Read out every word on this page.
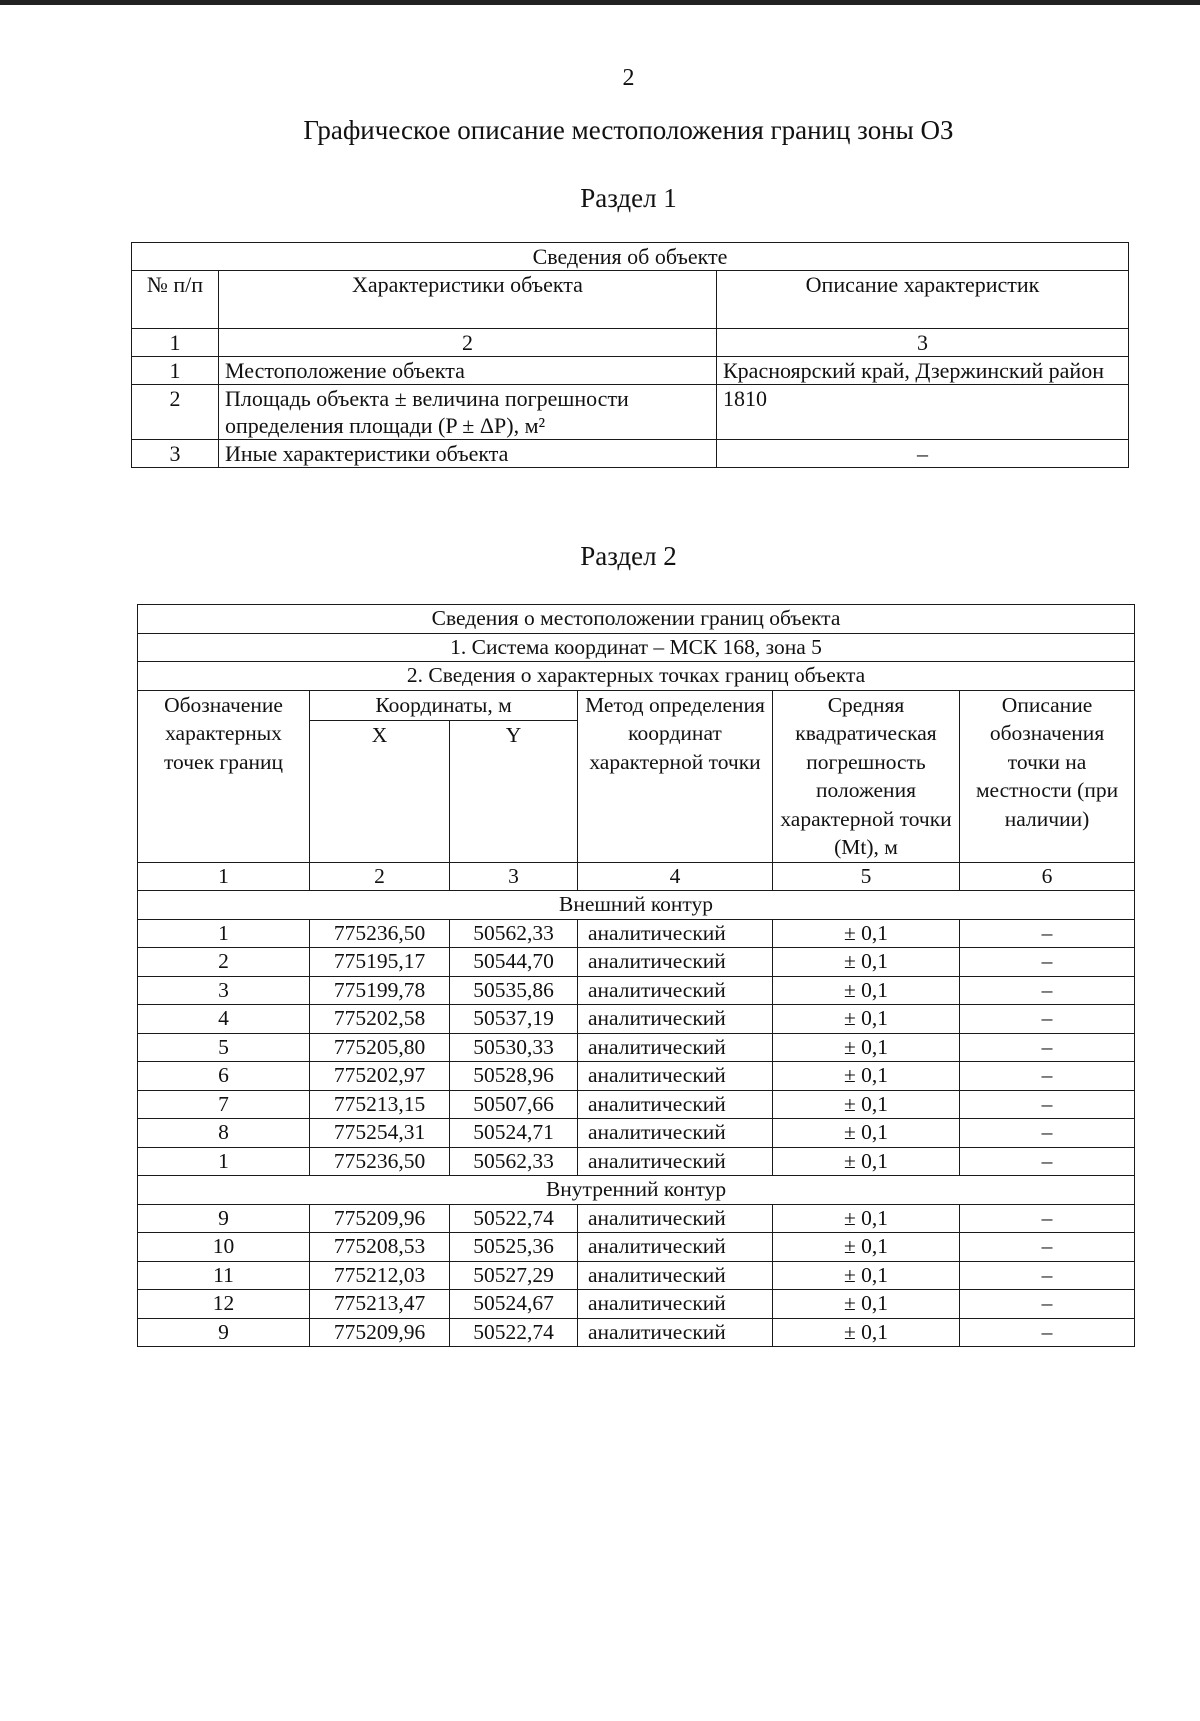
2
Графическое описание местоположения границ зоны ОЗ
Раздел 1
Сведения об объекте		
№ п/п	Характеристики объекта	Описание характеристик
1	2	3
1	Местоположение объекта	Красноярский край, Дзержинский район
2	Площадь объекта ± величина погрешности определения площади (P ± ΔP), м²	1810
3	Иные характеристики объекта	–
Раздел 2
Сведения о местоположении границ объекта					
1. Система координат – МСК 168, зона 5					
2. Сведения о характерных точках границ объекта					
Обозначение характерных точек границ	Координаты, м		Метод определения координат характерной точки	Средняя квадратическая погрешность положения характерной точки (Mt), м	Описание обозначения точки на местности (при наличии)
	X	Y			
1	2	3	4	5	6
Внешний контур					
1	775236,50	50562,33	аналитический	± 0,1	–
2	775195,17	50544,70	аналитический	± 0,1	–
3	775199,78	50535,86	аналитический	± 0,1	–
4	775202,58	50537,19	аналитический	± 0,1	–
5	775205,80	50530,33	аналитический	± 0,1	–
6	775202,97	50528,96	аналитический	± 0,1	–
7	775213,15	50507,66	аналитический	± 0,1	–
8	775254,31	50524,71	аналитический	± 0,1	–
1	775236,50	50562,33	аналитический	± 0,1	–
Внутренний контур					
9	775209,96	50522,74	аналитический	± 0,1	–
10	775208,53	50525,36	аналитический	± 0,1	–
11	775212,03	50527,29	аналитический	± 0,1	–
12	775213,47	50524,67	аналитический	± 0,1	–
9	775209,96	50522,74	аналитический	± 0,1	–
